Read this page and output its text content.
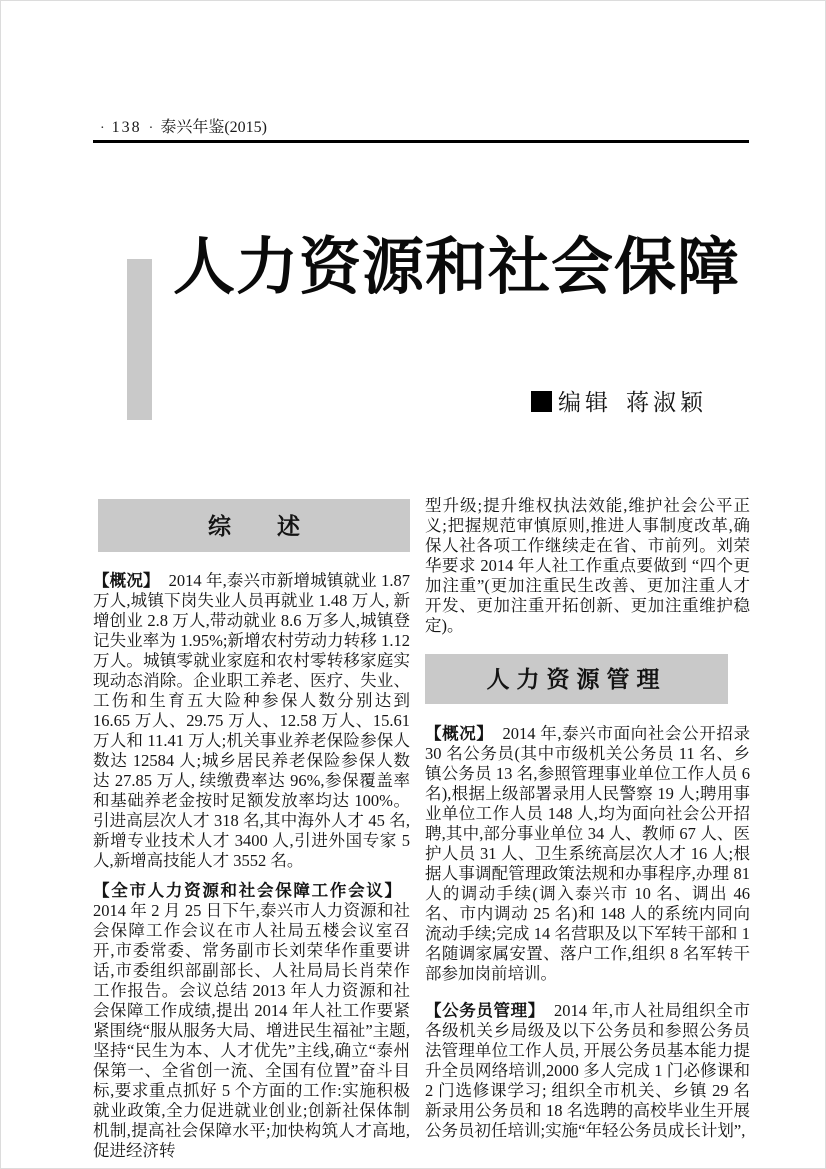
· 138 · 泰兴年鉴(2015)
人力资源和社会保障
编辑 蒋淑颖
综　　述

【概况】 2014 年,泰兴市新增城镇就业 1.87 万人,城镇下岗失业人员再就业 1.48 万人, 新增创业 2.8 万人,带动就业 8.6 万多人,城镇登记失业率为 1.95%;新增农村劳动力转移 1.12 万人。城镇零就业家庭和农村零转移家庭实现动态消除。企业职工养老、医疗、失业、工伤和生育五大险种参保人数分别达到 16.65 万人、29.75 万人、12.58 万人、15.61 万人和 11.41 万人;机关事业养老保险参保人数达 12584 人;城乡居民养老保险参保人数达 27.85 万人, 续缴费率达 96%,参保覆盖率和基础养老金按时足额发放率均达 100%。引进高层次人才 318 名,其中海外人才 45 名,新增专业技术人才 3400 人,引进外国专家 5 人,新增高技能人才 3552 名。

【全市人力资源和社会保障工作会议】2014 年 2 月 25 日下午,泰兴市人力资源和社会保障工作会议在市人社局五楼会议室召开,市委常委、常务副市长刘荣华作重要讲话,市委组织部副部长、人社局局长肖荣作工作报告。会议总结 2013 年人力资源和社会保障工作成绩,提出 2014 年人社工作要紧紧围绕“服从服务大局、增进民生福祉”主题,坚持“民生为本、人才优先”主线,确立“泰州保第一、全省创一流、全国有位置”奋斗目标,要求重点抓好 5 个方面的工作:实施积极就业政策,全力促进就业创业;创新社保体制机制,提高社会保障水平;加快构筑人才高地,促进经济转

型升级;提升维权执法效能,维护社会公平正义;把握规范审慎原则,推进人事制度改革,确保人社各项工作继续走在省、市前列。刘荣华要求 2014 年人社工作重点要做到 “四个更加注重”(更加注重民生改善、更加注重人才开发、更加注重开拓创新、更加注重维护稳定)。

人力资源管理

【概况】 2014 年,泰兴市面向社会公开招录 30 名公务员(其中市级机关公务员 11 名、乡镇公务员 13 名,参照管理事业单位工作人员 6 名),根据上级部署录用人民警察 19 人;聘用事业单位工作人员 148 人,均为面向社会公开招聘,其中,部分事业单位 34 人、教师 67 人、医护人员 31 人、卫生系统高层次人才 16 人;根据人事调配管理政策法规和办事程序,办理 81 人的调动手续(调入泰兴市 10 名、调出 46 名、市内调动 25 名)和 148 人的系统内同向流动手续;完成 14 名营职及以下军转干部和 1 名随调家属安置、落户工作,组织 8 名军转干部参加岗前培训。

【公务员管理】 2014 年,市人社局组织全市各级机关乡局级及以下公务员和参照公务员法管理单位工作人员, 开展公务员基本能力提升全员网络培训,2000 多人完成 1 门必修课和 2 门选修课学习; 组织全市机关、乡镇 29 名新录用公务员和 18 名选聘的高校毕业生开展公务员初任培训;实施“年轻公务员成长计划”,
